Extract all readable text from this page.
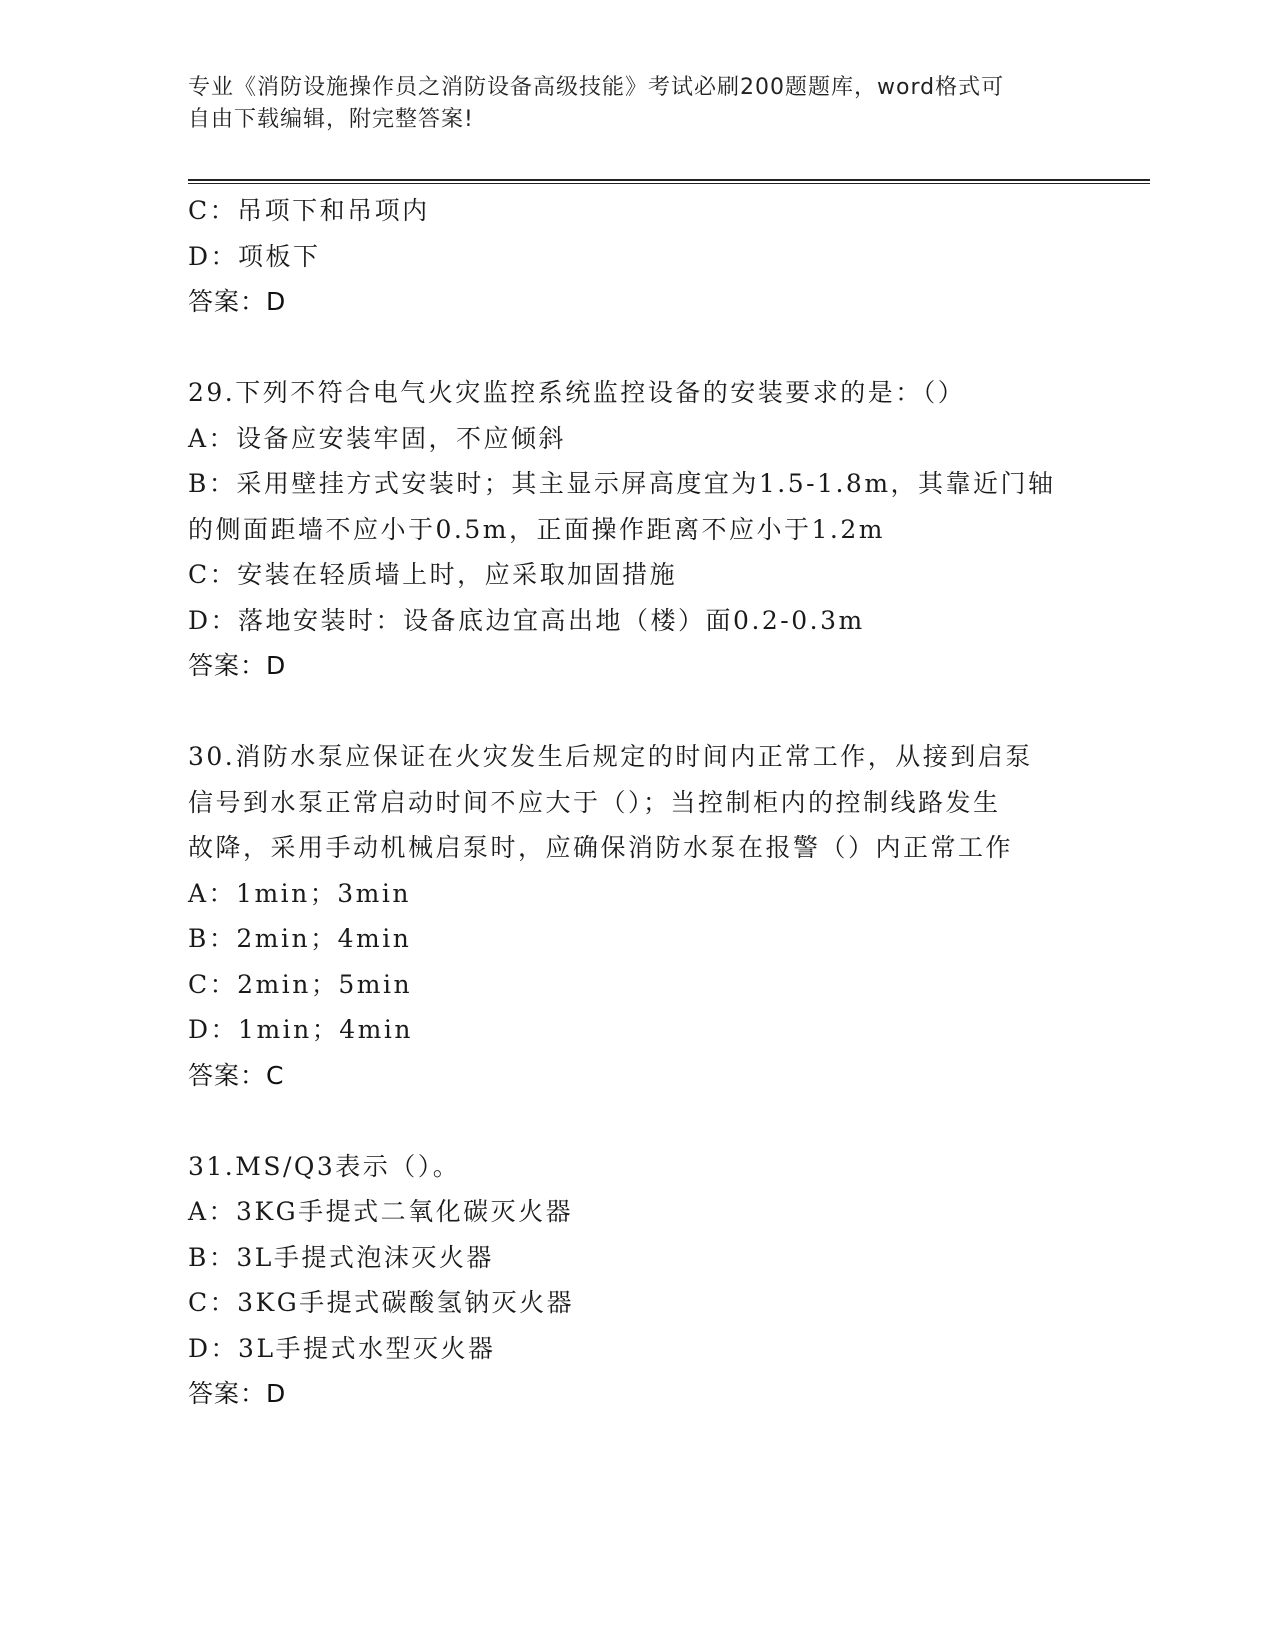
专业《消防设施操作员之消防设备高级技能》考试必刷200题题库，word格式可
自由下载编辑，附完整答案!
C：吊项下和吊项内
D：项板下
答案：D
29.下列不符合电气火灾监控系统监控设备的安装要求的是：（）
A：设备应安装牢固，不应倾斜
B：采用壁挂方式安装时；其主显示屏高度宜为1.5-1.8m，其靠近门轴
的侧面距墙不应小于0.5m，正面操作距离不应小于1.2m
C：安装在轻质墙上时，应采取加固措施
D：落地安装时：设备底边宜高出地（楼）面0.2-0.3m
答案：D
30.消防水泵应保证在火灾发生后规定的时间内正常工作，从接到启泵
信号到水泵正常启动时间不应大于（）；当控制柜内的控制线路发生
故降，采用手动机械启泵时，应确保消防水泵在报警（）内正常工作
A：1min；3min
B：2min；4min
C：2min；5min
D：1min；4min
答案：C
31.MS/Q3表示（）。
A：3KG手提式二氧化碳灭火器
B：3L手提式泡沫灭火器
C：3KG手提式碳酸氢钠灭火器
D：3L手提式水型灭火器
答案：D
